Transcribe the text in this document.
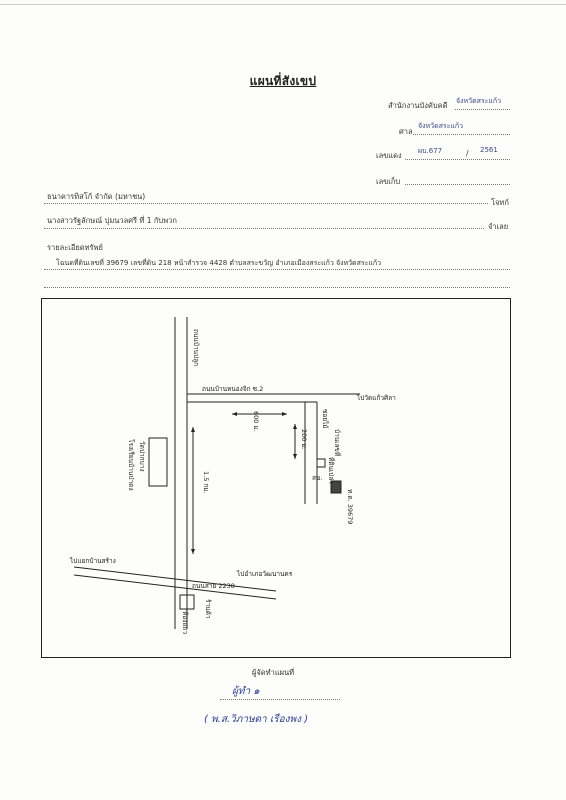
แผนที่สังเขป
สำนักงานบังคับคดี จังหวัดสระแก้ว
ศาล
จังหวัดสระแก้ว
เลขแดง ผบ.677	/ 2561
เลขเก็บ
ธนาคารทิสโก้ จำกัด (มหาชน)
โจทก์
นางสาวรัฐลักษณ์ บุ่มนวลศรี ที่ 1 กับพวก
จำเลย
รายละเอียดทรัพย์
โฉนดที่ดินเลขที่ 39679 เลขที่ดิน 218 หน้าสำรวจ 4428 ตำบลสระขวัญ อำเภอเมืองสระแก้ว จังหวัดสระแก้ว
ถนนบ้านปลูก
ถนนบ้านหนองจิก ซ.2
ไปวัดแก้วศิลา
600 ม.
1.5 กม.
200 ม.
ซอยไม้
วัดปากบาง
โรงเรียนบ้านป่าดง	บ้านเลขที่
ที่ดินเปล่า
สข.
ไปแยกบ้านสร้าง
ถนนสาย 2238
ไปอำเภอวัฒนานคร
ร้านค้า
ห้องแถว
ท.ด. 39679
ผู้จัดทำแผนที่
ผู้ทำ ๑
( พ.ส.วิภาษดา เรืองพง )
